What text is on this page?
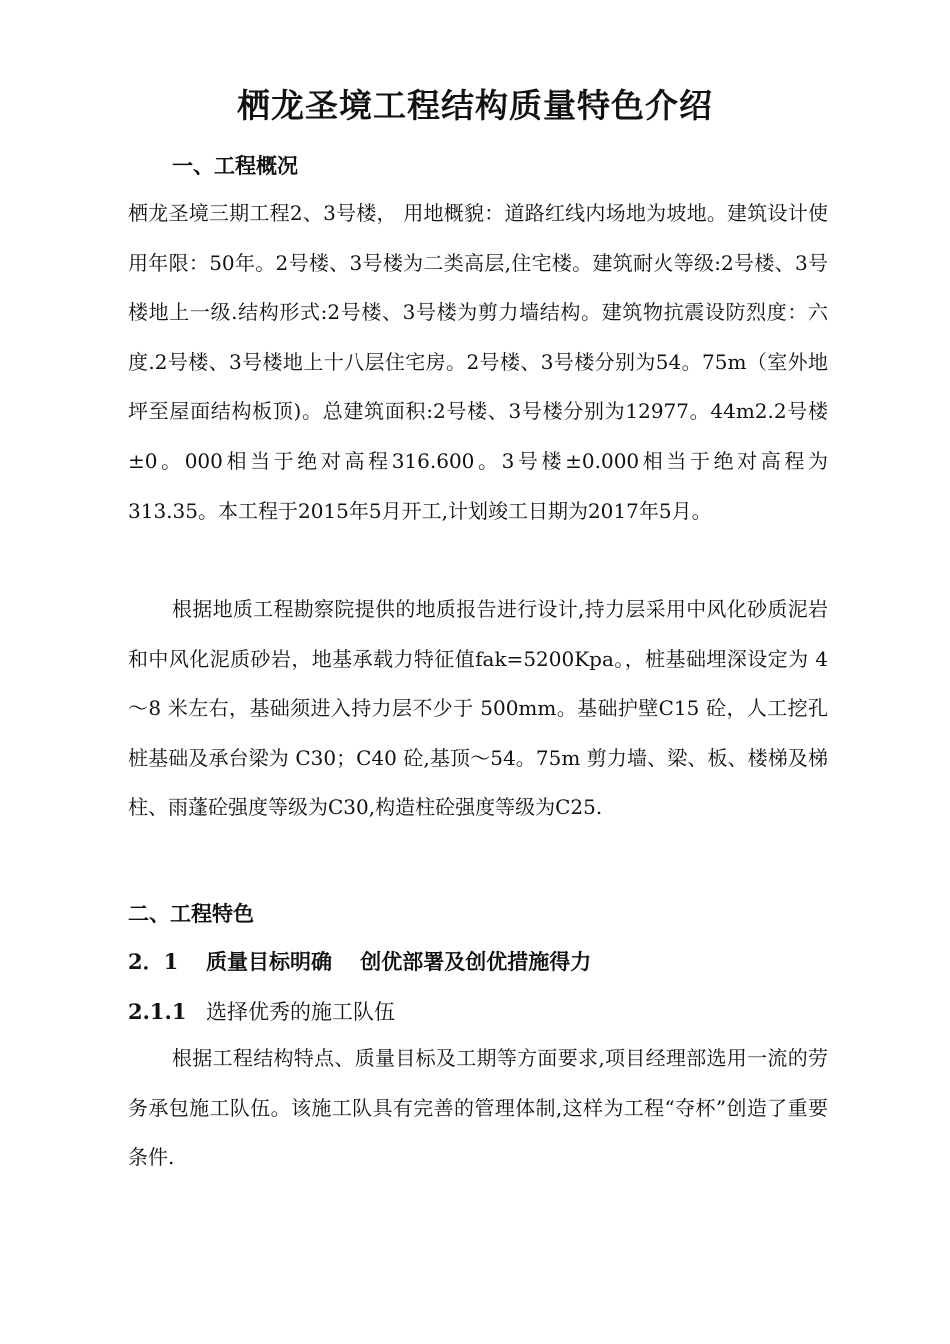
栖龙圣境工程结构质量特色介绍
一、工程概况
栖龙圣境三期工程2、3号楼， 用地概貌：道路红线内场地为坡地。建筑设计使用年限：50年。2号楼、3号楼为二类高层,住宅楼。建筑耐火等级:2号楼、3号楼地上一级.结构形式:2号楼、3号楼为剪力墙结构。建筑物抗震设防烈度：六度.2号楼、3号楼地上十八层住宅房。2号楼、3号楼分别为54。75m（室外地坪至屋面结构板顶)。总建筑面积:2号楼、3号楼分别为12977。44m2.2号楼±0。000相当于绝对高程316.600。3号楼±0.000相当于绝对高程为313.35。本工程于2015年5月开工,计划竣工日期为2017年5月。
根据地质工程勘察院提供的地质报告进行设计,持力层采用中风化砂质泥岩和中风化泥质砂岩，地基承载力特征值fak=5200Kpa。，桩基础埋深设定为 4～8 米左右，基础须进入持力层不少于 500mm。基础护壁C15 砼，人工挖孔桩基础及承台梁为 C30；C40 砼,基顶～54。75m 剪力墙、梁、板、楼梯及梯柱、雨蓬砼强度等级为C30,构造柱砼强度等级为C25.
二、工程特色
2．1 质量目标明确　 创优部署及创优措施得力
2.1.1 选择优秀的施工队伍
根据工程结构特点、质量目标及工期等方面要求,项目经理部选用一流的劳务承包施工队伍。该施工队具有完善的管理体制,这样为工程“夺杯”创造了重要条件.
